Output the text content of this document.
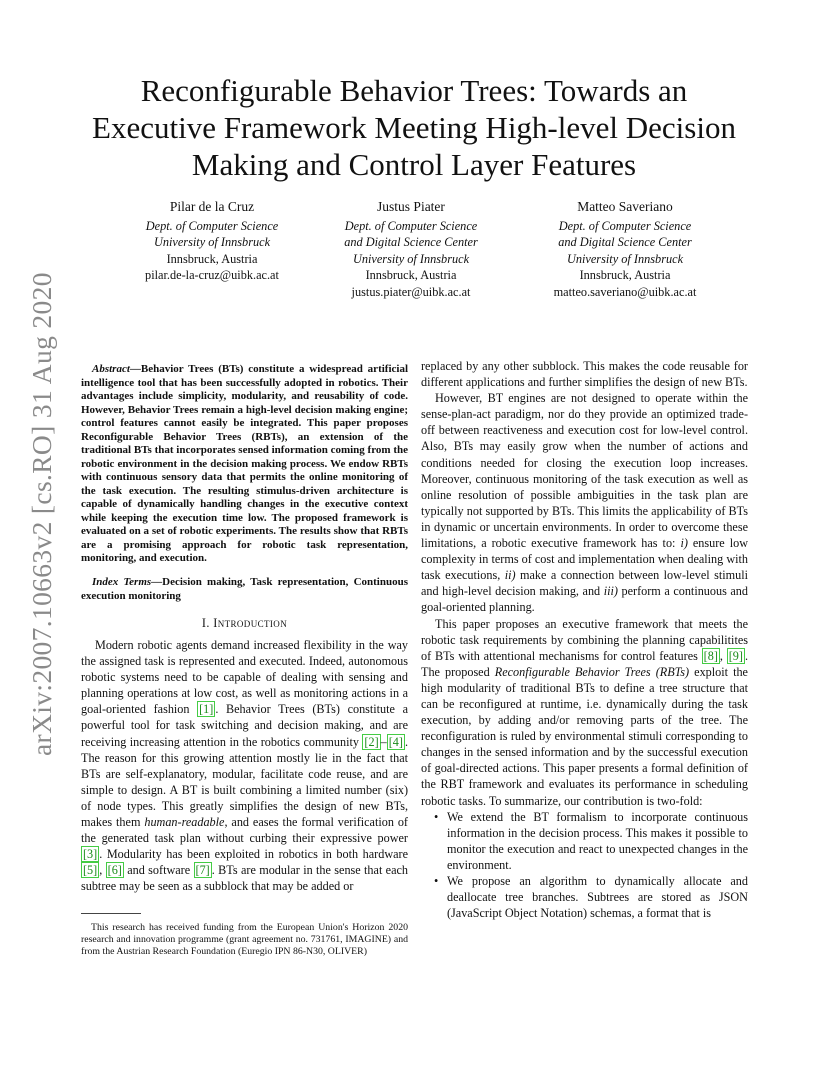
arXiv:2007.10663v2 [cs.RO] 31 Aug 2020
Reconfigurable Behavior Trees: Towards an
Executive Framework Meeting High-level Decision
Making and Control Layer Features
Pilar de la Cruz
Dept. of Computer Science
University of Innsbruck
Innsbruck, Austria
pilar.de-la-cruz@uibk.ac.at
Justus Piater
Dept. of Computer Science
and Digital Science Center
University of Innsbruck
Innsbruck, Austria
justus.piater@uibk.ac.at
Matteo Saveriano
Dept. of Computer Science
and Digital Science Center
University of Innsbruck
Innsbruck, Austria
matteo.saveriano@uibk.ac.at

Abstract—Behavior Trees (BTs) constitute a widespread artificial intelligence tool that has been successfully adopted in robotics. Their advantages include simplicity, modularity, and reusability of code. However, Behavior Trees remain a high-level decision making engine; control features cannot easily be integrated. This paper proposes Reconfigurable Behavior Trees (RBTs), an extension of the traditional BTs that incorporates sensed information coming from the robotic environment in the decision making process. We endow RBTs with continuous sensory data that permits the online monitoring of the task execution. The resulting stimulus-driven architecture is capable of dynamically handling changes in the executive context while keeping the execution time low. The proposed framework is evaluated on a set of robotic experiments. The results show that RBTs are a promising approach for robotic task representation, monitoring, and execution.

Index Terms—Decision making, Task representation, Continuous execution monitoring

I. Introduction

Modern robotic agents demand increased flexibility in the way the assigned task is represented and executed. Indeed, autonomous robotic systems need to be capable of dealing with sensing and planning operations at low cost, as well as monitoring actions in a goal-oriented fashion [1] . Behavior Trees (BTs) constitute a powerful tool for task switching and decision making, and are receiving increasing attention in the robotics community [2] – [4] . The reason for this growing attention mostly lie in the fact that BTs are self-explanatory, modular, facilitate code reuse, and are simple to design. A BT is built combining a limited number (six) of node types. This greatly simplifies the design of new BTs, makes them human-readable, and eases the formal verification of the generated task plan without curbing their expressive power [3] . Modularity has been exploited in robotics in both hardware [5] , [6] and software [7] . BTs are modular in the sense that each subtree may be seen as a subblock that may be added or

This research has received funding from the European Union's Horizon 2020 research and innovation programme (grant agreement no. 731761, IMAGINE) and from the Austrian Research Foundation (Euregio IPN 86-N30, OLIVER)

replaced by any other subblock. This makes the code reusable for different applications and further simplifies the design of new BTs.

However, BT engines are not designed to operate within the sense-plan-act paradigm, nor do they provide an optimized trade-off between reactiveness and execution cost for low-level control. Also, BTs may easily grow when the number of actions and conditions needed for closing the execution loop increases. Moreover, continuous monitoring of the task execution as well as online resolution of possible ambiguities in the task plan are typically not supported by BTs. This limits the applicability of BTs in dynamic or uncertain environments. In order to overcome these limitations, a robotic executive framework has to: i) ensure low complexity in terms of cost and implementation when dealing with task executions, ii) make a connection between low-level stimuli and high-level decision making, and iii) perform a continuous and goal-oriented planning.

This paper proposes an executive framework that meets the robotic task requirements by combining the planning capabilitites of BTs with attentional mechanisms for control features [8] , [9] . The proposed Reconfigurable Behavior Trees (RBTs) exploit the high modularity of traditional BTs to define a tree structure that can be reconfigured at runtime, i.e. dynamically during the task execution, by adding and/or removing parts of the tree. The reconfiguration is ruled by environmental stimuli corresponding to changes in the sensed information and by the successful execution of goal-directed actions. This paper presents a formal definition of the RBT framework and evaluates its performance in scheduling robotic tasks. To summarize, our contribution is two-fold:

• We extend the BT formalism to incorporate continuous information in the decision process. This makes it possible to monitor the execution and react to unexpected changes in the environment.
• We propose an algorithm to dynamically allocate and deallocate tree branches. Subtrees are stored as JSON (JavaScript Object Notation) schemas, a format that is
